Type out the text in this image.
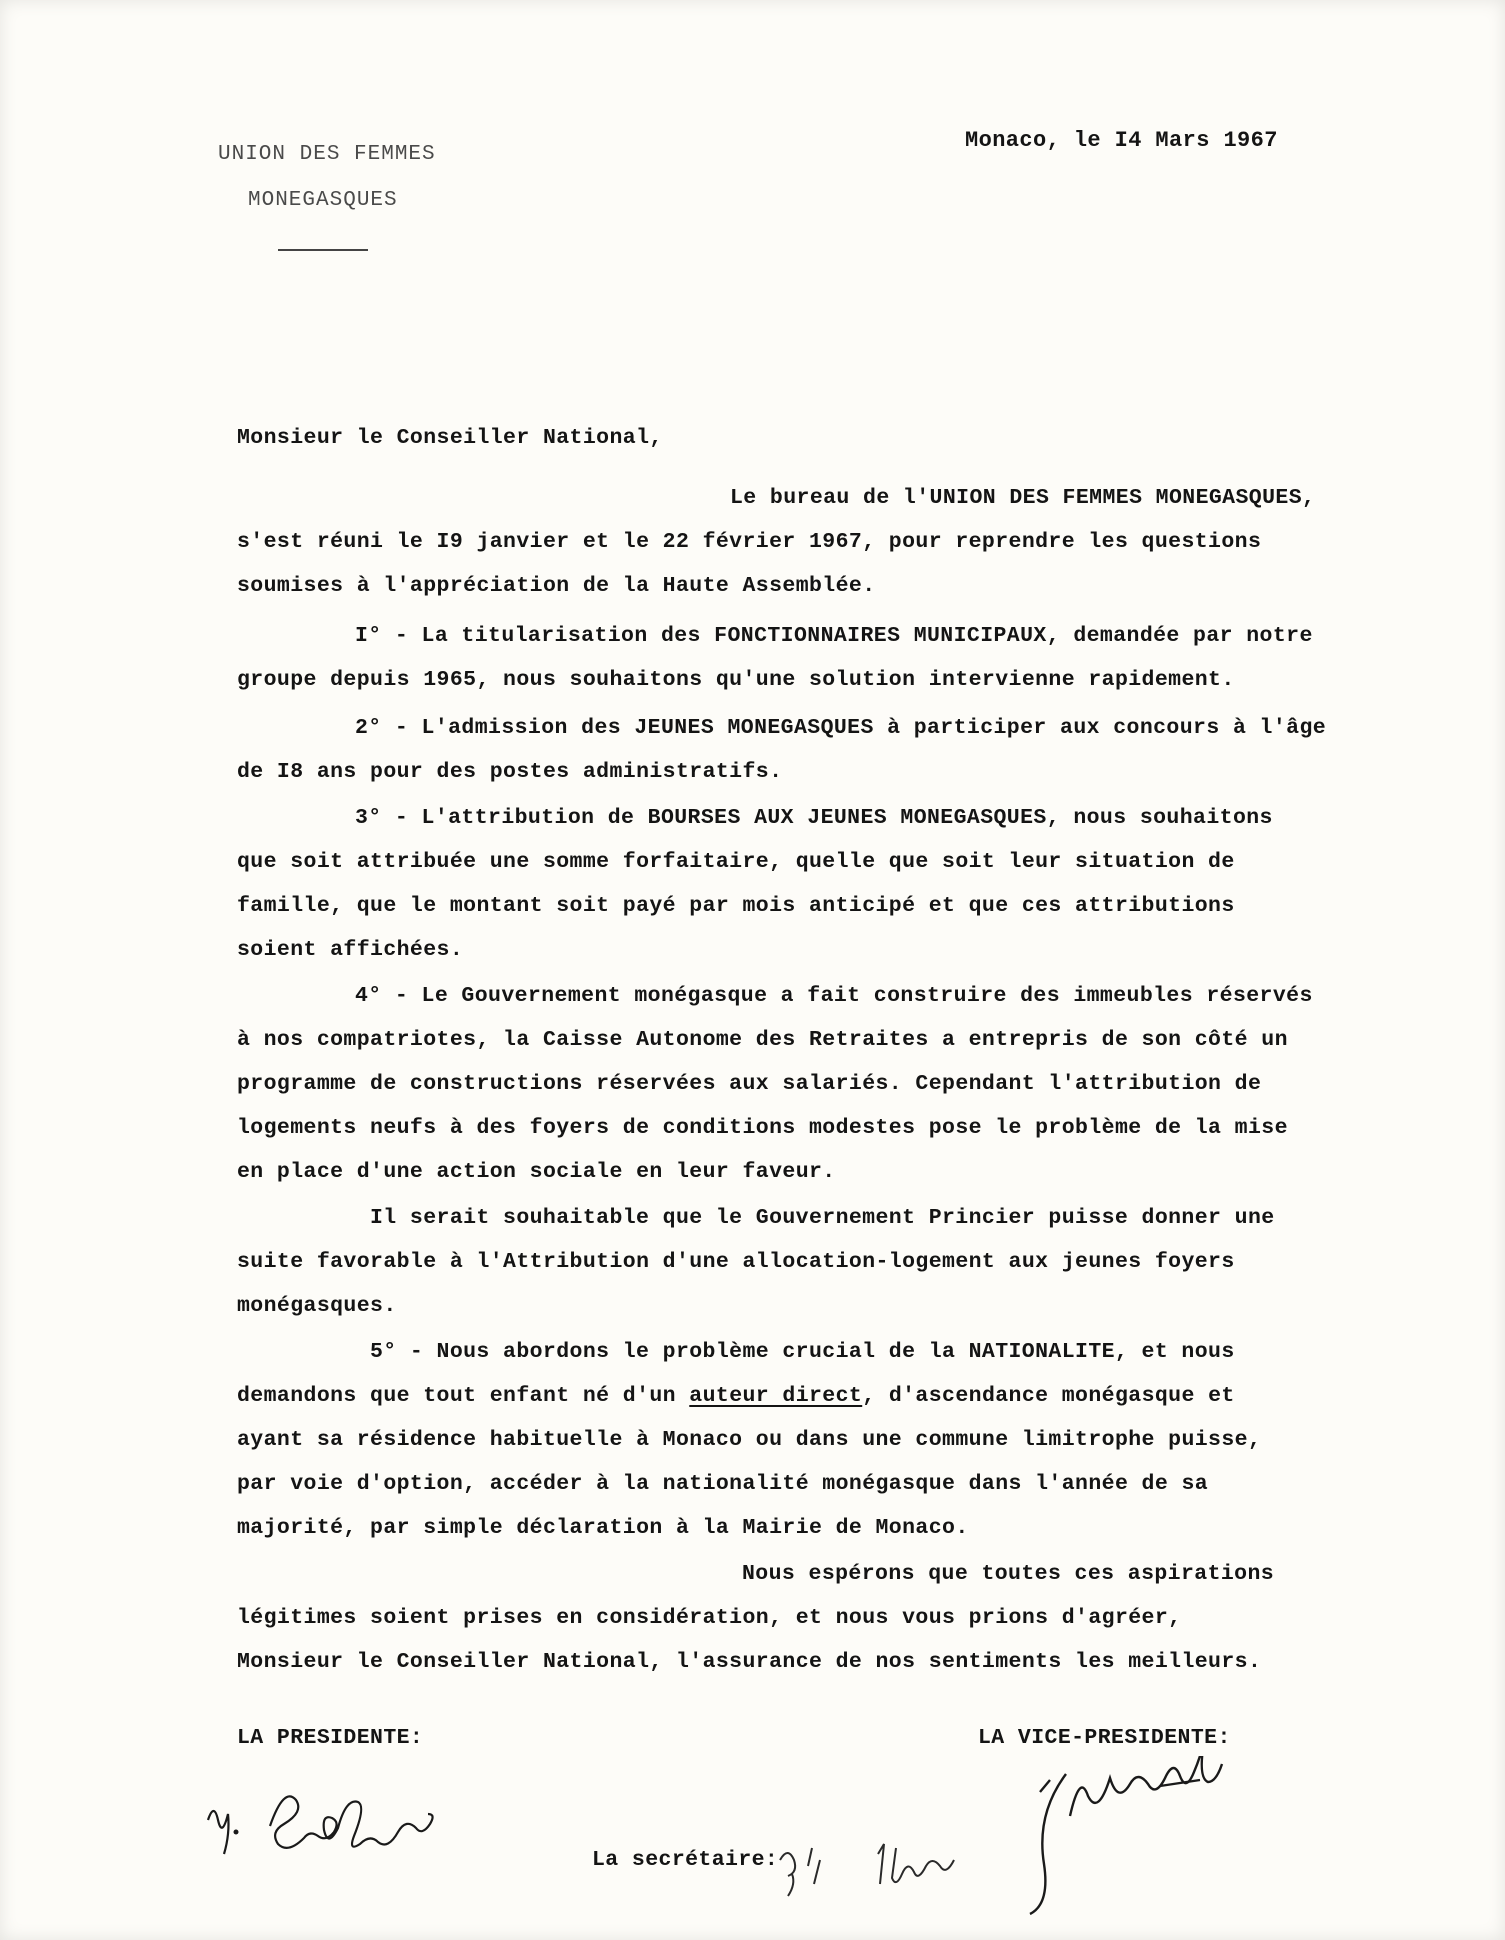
UNION DES FEMMES
MONEGASQUES
Monaco, le I4 Mars 1967
Monsieur le Conseiller National,
Le bureau de l'UNION DES FEMMES MONEGASQUES,
s'est réuni le I9 janvier et le 22 février 1967, pour reprendre les questions
soumises à l'appréciation de la Haute Assemblée.
I° - La titularisation des FONCTIONNAIRES MUNICIPAUX, demandée par notre
groupe depuis 1965, nous souhaitons qu'une solution intervienne rapidement.
2° - L'admission des JEUNES MONEGASQUES à participer aux concours à l'âge
de I8 ans pour des postes administratifs.
3° - L'attribution de BOURSES AUX JEUNES MONEGASQUES, nous souhaitons
que soit attribuée une somme forfaitaire, quelle que soit leur situation de
famille, que le montant soit payé par mois anticipé et que ces attributions
soient affichées.
4° - Le Gouvernement monégasque a fait construire des immeubles réservés
à nos compatriotes, la Caisse Autonome des Retraites a entrepris de son côté un
programme de constructions réservées aux salariés. Cependant l'attribution de
logements neufs à des foyers de conditions modestes pose le problème de la mise
en place d'une action sociale en leur faveur.
Il serait souhaitable que le Gouvernement Princier puisse donner une
suite favorable à l'Attribution d'une allocation-logement aux jeunes foyers
monégasques.
5° - Nous abordons le problème crucial de la NATIONALITE, et nous
demandons que tout enfant né d'un auteur direct, d'ascendance monégasque et
ayant sa résidence habituelle à Monaco ou dans une commune limitrophe puisse,
par voie d'option, accéder à la nationalité monégasque dans l'année de sa
majorité, par simple déclaration à la Mairie de Monaco.
Nous espérons que toutes ces aspirations
légitimes soient prises en considération, et nous vous prions d'agréer,
Monsieur le Conseiller National, l'assurance de nos sentiments les meilleurs.
LA PRESIDENTE:	LA VICE-PRESIDENTE:
La secrétaire:
